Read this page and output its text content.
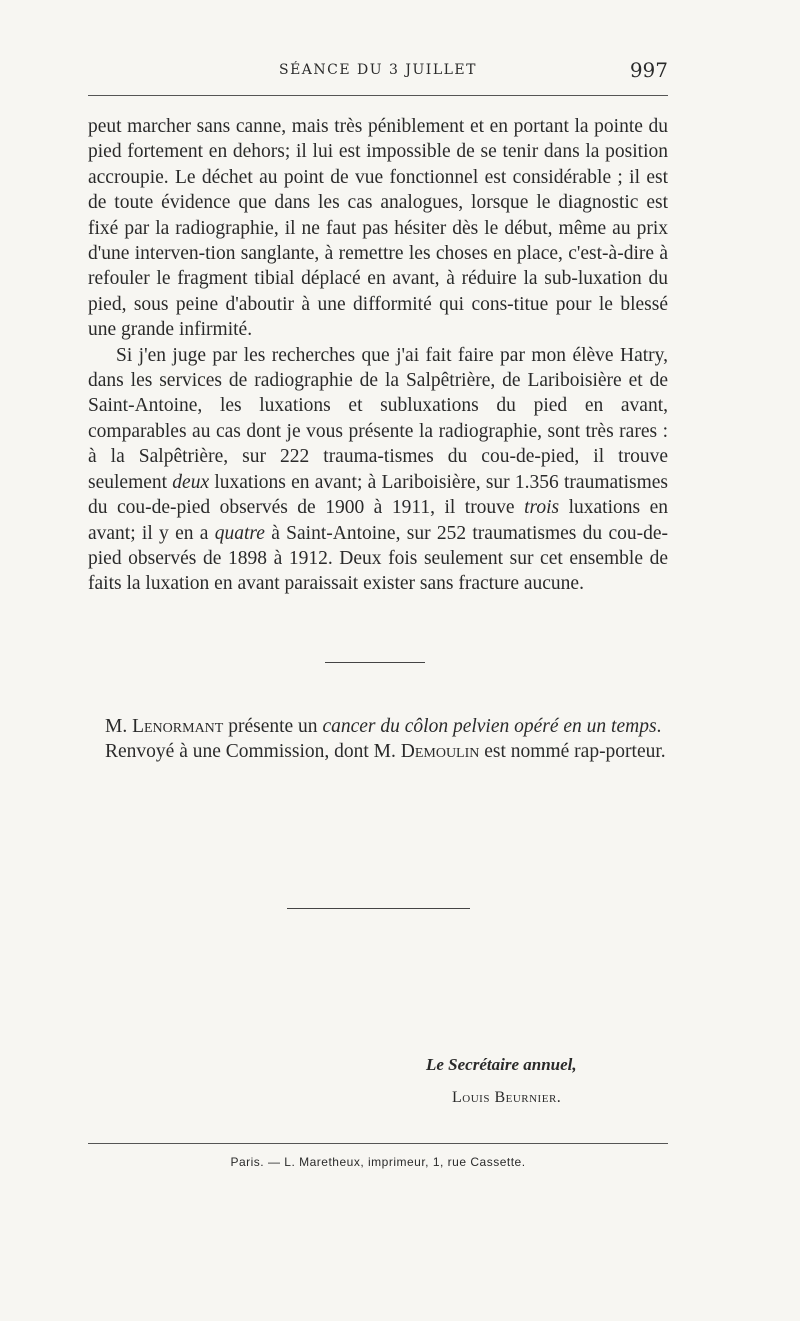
SÉANCE DU 3 JUILLET	997

peut marcher sans canne, mais très péniblement et en portant la pointe du pied fortement en dehors; il lui est impossible de se tenir dans la position accroupie. Le déchet au point de vue fonctionnel est considérable ; il est de toute évidence que dans les cas analogues, lorsque le diagnostic est fixé par la radiographie, il ne faut pas hésiter dès le début, même au prix d'une interven-tion sanglante, à remettre les choses en place, c'est-à-dire à refouler le fragment tibial déplacé en avant, à réduire la sub-luxation du pied, sous peine d'aboutir à une difformité qui cons-titue pour le blessé une grande infirmité.

Si j'en juge par les recherches que j'ai fait faire par mon élève Hatry, dans les services de radiographie de la Salpêtrière, de Lariboisière et de Saint-Antoine, les luxations et subluxations du pied en avant, comparables au cas dont je vous présente la radiographie, sont très rares : à la Salpêtrière, sur 222 trauma-tismes du cou-de-pied, il trouve seulement deux luxations en avant; à Lariboisière, sur 1.356 traumatismes du cou-de-pied observés de 1900 à 1911, il trouve trois luxations en avant; il y en a quatre à Saint-Antoine, sur 252 traumatismes du cou-de-pied observés de 1898 à 1912. Deux fois seulement sur cet ensemble de faits la luxation en avant paraissait exister sans fracture aucune.

M. Lenormant présente un cancer du côlon pelvien opéré en un temps.

Renvoyé à une Commission, dont M. Demoulin est nommé rap-porteur.

Le Secrétaire annuel,
Louis Beurnier.
Paris. — L. Maretheux, imprimeur, 1, rue Cassette.
